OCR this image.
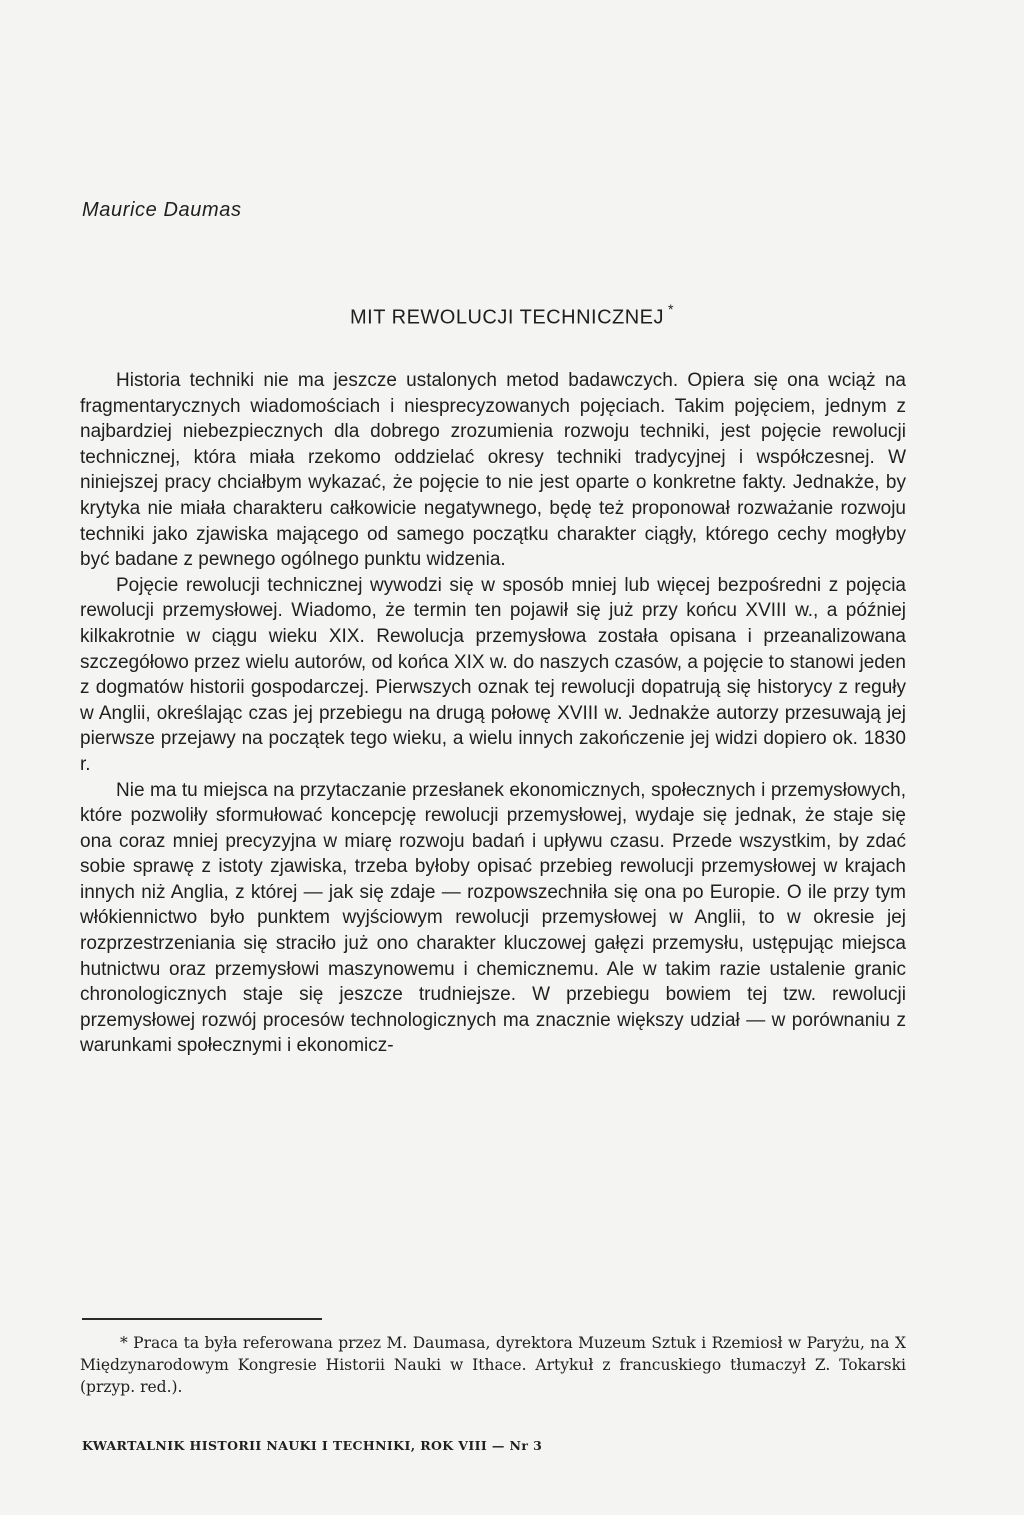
Maurice Daumas
MIT REWOLUCJI TECHNICZNEJ *

Historia techniki nie ma jeszcze ustalonych metod badawczych. Opiera się ona wciąż na fragmentarycznych wiadomościach i niesprecyzowanych pojęciach. Takim pojęciem, jednym z najbardziej niebezpiecznych dla dobrego zrozumienia rozwoju techniki, jest pojęcie rewolucji technicznej, która miała rzekomo oddzielać okresy techniki tradycyjnej i współczesnej. W niniejszej pracy chciałbym wykazać, że pojęcie to nie jest oparte o konkretne fakty. Jednakże, by krytyka nie miała charakteru całkowicie negatywnego, będę też proponował rozważanie rozwoju techniki jako zjawiska mającego od samego początku charakter ciągły, którego cechy mogłyby być badane z pewnego ogólnego punktu widzenia.

Pojęcie rewolucji technicznej wywodzi się w sposób mniej lub więcej bezpośredni z pojęcia rewolucji przemysłowej. Wiadomo, że termin ten pojawił się już przy końcu XVIII w., a później kilkakrotnie w ciągu wieku XIX. Rewolucja przemysłowa została opisana i przeanalizowana szczegółowo przez wielu autorów, od końca XIX w. do naszych czasów, a pojęcie to stanowi jeden z dogmatów historii gospodarczej. Pierwszych oznak tej rewolucji dopatrują się historycy z reguły w Anglii, określając czas jej przebiegu na drugą połowę XVIII w. Jednakże autorzy przesuwają jej pierwsze przejawy na początek tego wieku, a wielu innych zakończenie jej widzi dopiero ok. 1830 r.

Nie ma tu miejsca na przytaczanie przesłanek ekonomicznych, społecznych i przemysłowych, które pozwoliły sformułować koncepcję rewolucji przemysłowej, wydaje się jednak, że staje się ona coraz mniej precyzyjna w miarę rozwoju badań i upływu czasu. Przede wszystkim, by zdać sobie sprawę z istoty zjawiska, trzeba byłoby opisać przebieg rewolucji przemysłowej w krajach innych niż Anglia, z której — jak się zdaje — rozpowszechniła się ona po Europie. O ile przy tym włókiennictwo było punktem wyjściowym rewolucji przemysłowej w Anglii, to w okresie jej rozprzestrzeniania się straciło już ono charakter kluczowej gałęzi przemysłu, ustępując miejsca hutnictwu oraz przemysłowi maszynowemu i chemicznemu. Ale w takim razie ustalenie granic chronologicznych staje się jeszcze trudniejsze. W przebiegu bowiem tej tzw. rewolucji przemysłowej rozwój procesów technologicznych ma znacznie większy udział — w porównaniu z warunkami społecznymi i ekonomicz-

* Praca ta była referowana przez M. Daumasa, dyrektora Muzeum Sztuk i Rzemiosł w Paryżu, na X Międzynarodowym Kongresie Historii Nauki w Ithace. Artykuł z francuskiego tłumaczył Z. Tokarski (przyp. red.).

KWARTALNIK HISTORII NAUKI I TECHNIKI, ROK VIII — Nr 3
